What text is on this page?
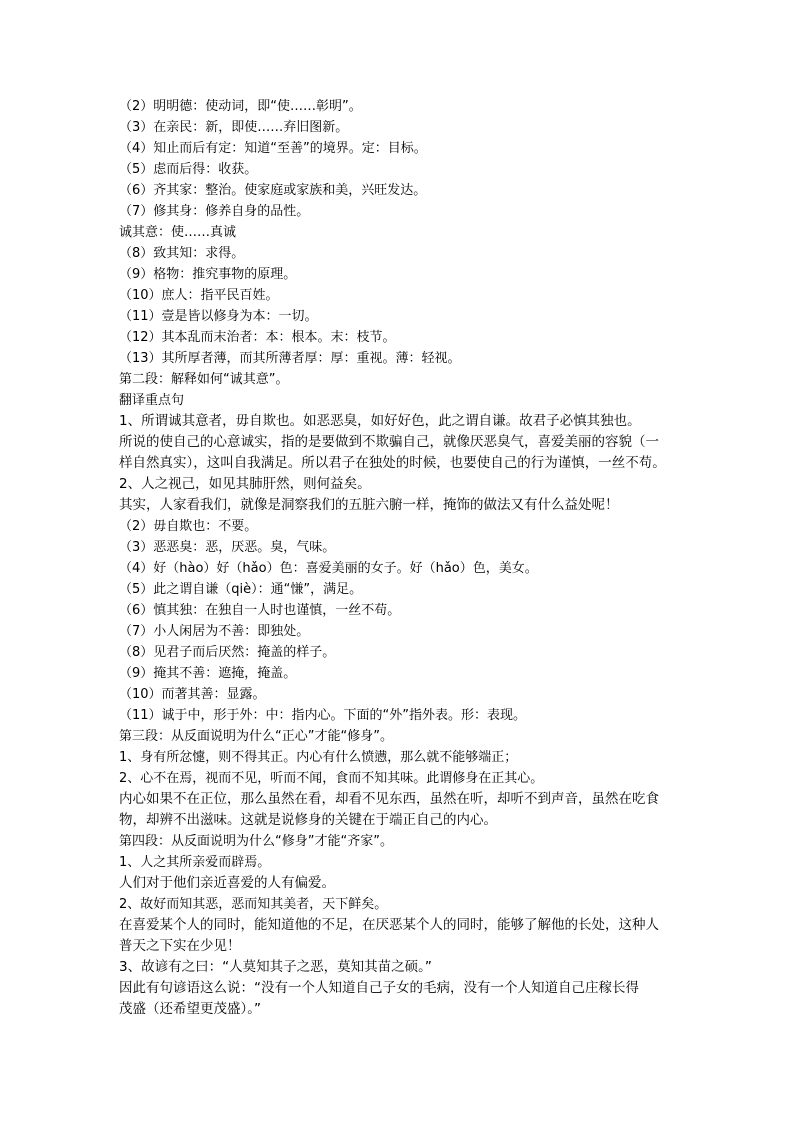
（2）明明德：使动词，即“使……彰明”。
（3）在亲民：新，即使……弃旧图新。
（4）知止而后有定：知道“至善”的境界。定：目标。
（5）虑而后得：收获。
（6）齐其家：整治。使家庭或家族和美，兴旺发达。
（7）修其身：修养自身的品性。
诚其意：使……真诚
（8）致其知：求得。
（9）格物：推究事物的原理。
（10）庶人：指平民百姓。
（11）壹是皆以修身为本：一切。
（12）其本乱而末治者：本：根本。末：枝节。
（13）其所厚者薄，而其所薄者厚：厚：重视。薄：轻视。
第二段：解释如何“诚其意”。
翻译重点句
1、所谓诚其意者，毋自欺也。如恶恶臭，如好好色，此之谓自谦。故君子必慎其独也。
所说的使自己的心意诚实，指的是要做到不欺骗自己，就像厌恶臭气，喜爱美丽的容貌（一
样自然真实），这叫自我满足。所以君子在独处的时候，也要使自己的行为谨慎，一丝不苟。
2、人之视己，如见其肺肝然，则何益矣。
其实，人家看我们，就像是洞察我们的五脏六腑一样，掩饰的做法又有什么益处呢！
（2）毋自欺也：不要。
（3）恶恶臭：恶，厌恶。臭，气味。
（4）好（hào）好（hǎo）色：喜爱美丽的女子。好（hǎo）色，美女。
（5）此之谓自谦（qiè）：通“慊”，满足。
（6）慎其独：在独自一人时也谨慎，一丝不苟。
（7）小人闲居为不善：即独处。
（8）见君子而后厌然：掩盖的样子。
（9）掩其不善：遮掩，掩盖。
（10）而著其善：显露。
（11）诚于中，形于外：中：指内心。下面的“外”指外表。形：表现。
第三段：从反面说明为什么“正心”才能“修身”。
1、身有所忿懥，则不得其正。内心有什么愤懑，那么就不能够端正；
2、心不在焉，视而不见，听而不闻，食而不知其味。此谓修身在正其心。
内心如果不在正位，那么虽然在看，却看不见东西，虽然在听，却听不到声音，虽然在吃食
物，却辨不出滋味。这就是说修身的关键在于端正自己的内心。
第四段：从反面说明为什么“修身”才能“齐家”。
1、人之其所亲爱而辟焉。
人们对于他们亲近喜爱的人有偏爱。
2、故好而知其恶，恶而知其美者，天下鲜矣。
在喜爱某个人的同时，能知道他的不足，在厌恶某个人的同时，能够了解他的长处，这种人
普天之下实在少见！
3、故谚有之曰：“人莫知其子之恶，莫知其苗之硕。”
因此有句谚语这么说：“没有一个人知道自己子女的毛病，没有一个人知道自己庄稼长得
茂盛（还希望更茂盛）。”
